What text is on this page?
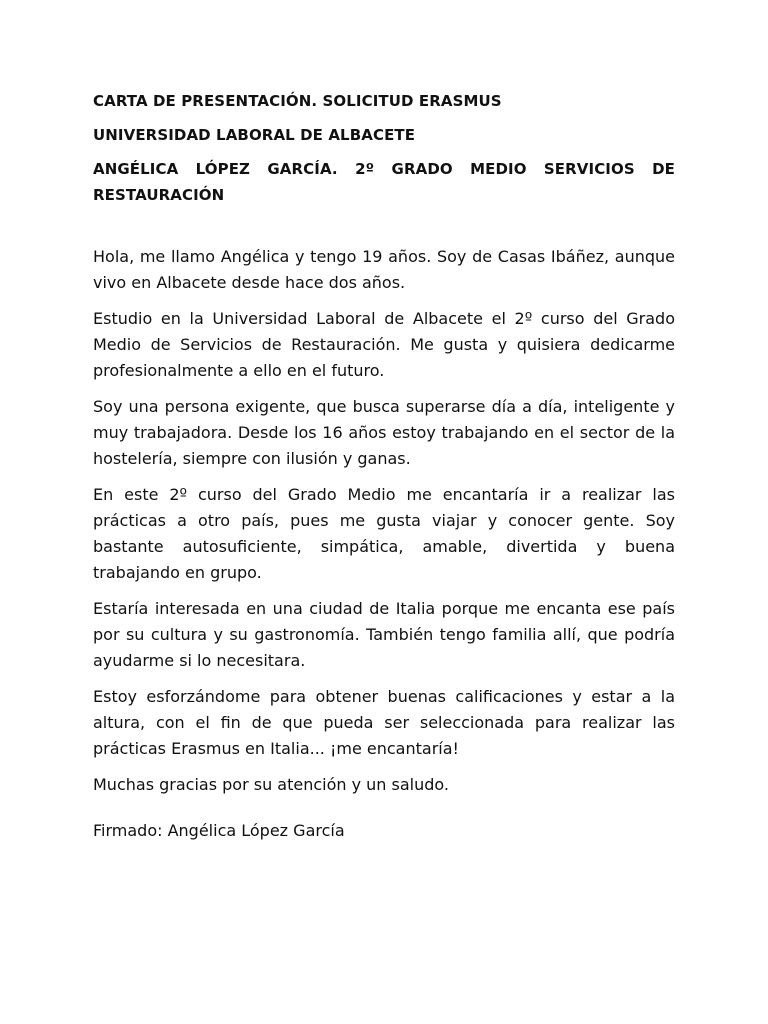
CARTA DE PRESENTACIÓN. SOLICITUD ERASMUS

UNIVERSIDAD LABORAL DE ALBACETE

ANGÉLICA LÓPEZ GARCÍA. 2º GRADO MEDIO SERVICIOS DE RESTAURACIÓN

Hola, me llamo Angélica y tengo 19 años. Soy de Casas Ibáñez, aunque vivo en Albacete desde hace dos años.

Estudio en la Universidad Laboral de Albacete el 2º curso del Grado Medio de Servicios de Restauración. Me gusta y quisiera dedicarme profesionalmente a ello en el futuro.

Soy una persona exigente, que busca superarse día a día, inteligente y muy trabajadora. Desde los 16 años estoy trabajando en el sector de la hostelería, siempre con ilusión y ganas.

En este 2º curso del Grado Medio me encantaría ir a realizar las prácticas a otro país, pues me gusta viajar y conocer gente. Soy bastante autosuficiente, simpática, amable, divertida y buena trabajando en grupo.

Estaría interesada en una ciudad de Italia porque me encanta ese país por su cultura y su gastronomía. También tengo familia allí, que podría ayudarme si lo necesitara.

Estoy esforzándome para obtener buenas calificaciones y estar a la altura, con el fin de que pueda ser seleccionada para realizar las prácticas Erasmus en Italia... ¡me encantaría!

Muchas gracias por su atención y un saludo.

Firmado: Angélica López García
